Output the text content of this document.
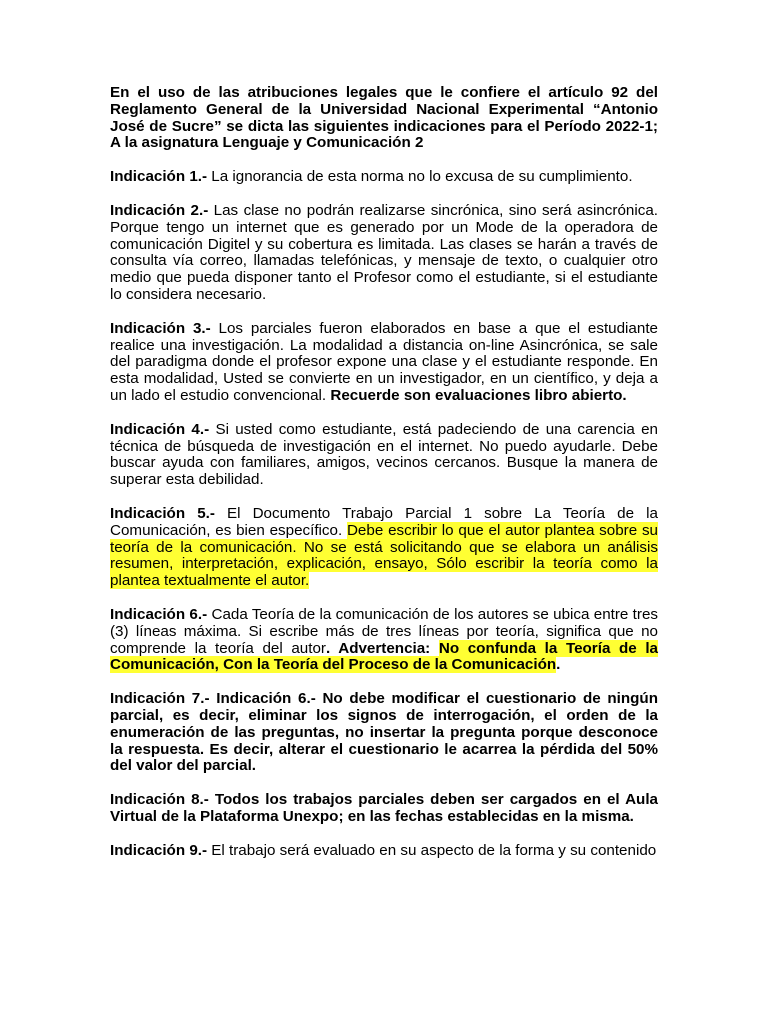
En el uso de las atribuciones legales que le confiere el artículo 92 del Reglamento General de la Universidad Nacional Experimental “Antonio José de Sucre” se dicta las siguientes indicaciones para el Período 2022-1; A la asignatura Lenguaje y Comunicación 2

Indicación 1.- La ignorancia de esta norma no lo excusa de su cumplimiento.

Indicación 2.- Las clase no podrán realizarse sincrónica, sino será asincrónica. Porque tengo un internet que es generado por un Mode de la operadora de comunicación Digitel y su cobertura es limitada. Las clases se harán a través de consulta vía correo, llamadas telefónicas, y mensaje de texto, o cualquier otro medio que pueda disponer tanto el Profesor como el estudiante, si el estudiante lo considera necesario.

Indicación 3.- Los parciales fueron elaborados en base a que el estudiante realice una investigación. La modalidad a distancia on-line Asincrónica, se sale del paradigma donde el profesor expone una clase y el estudiante responde. En esta modalidad, Usted se convierte en un investigador, en un científico, y deja a un lado el estudio convencional. Recuerde son evaluaciones libro abierto.

Indicación 4.- Si usted como estudiante, está padeciendo de una carencia en técnica de búsqueda de investigación en el internet. No puedo ayudarle. Debe buscar ayuda con familiares, amigos, vecinos cercanos. Busque la manera de superar esta debilidad.

Indicación 5.- El Documento Trabajo Parcial 1 sobre La Teoría de la Comunicación, es bien específico. Debe escribir lo que el autor plantea sobre su teoría de la comunicación. No se está solicitando que se elabora un análisis resumen, interpretación, explicación, ensayo, Sólo escribir la teoría como la plantea textualmente el autor.

Indicación 6.- Cada Teoría de la comunicación de los autores se ubica entre tres (3) líneas máxima. Si escribe más de tres líneas por teoría, significa que no comprende la teoría del autor. Advertencia: No confunda la Teoría de la Comunicación, Con la Teoría del Proceso de la Comunicación.

Indicación 7.- Indicación 6.- No debe modificar el cuestionario de ningún parcial, es decir, eliminar los signos de interrogación, el orden de la enumeración de las preguntas, no insertar la pregunta porque desconoce la respuesta. Es decir, alterar el cuestionario le acarrea la pérdida del 50% del valor del parcial.

Indicación 8.- Todos los trabajos parciales deben ser cargados en el Aula Virtual de la Plataforma Unexpo; en las fechas establecidas en la misma.

Indicación 9.- El trabajo será evaluado en su aspecto de la forma y su contenido
